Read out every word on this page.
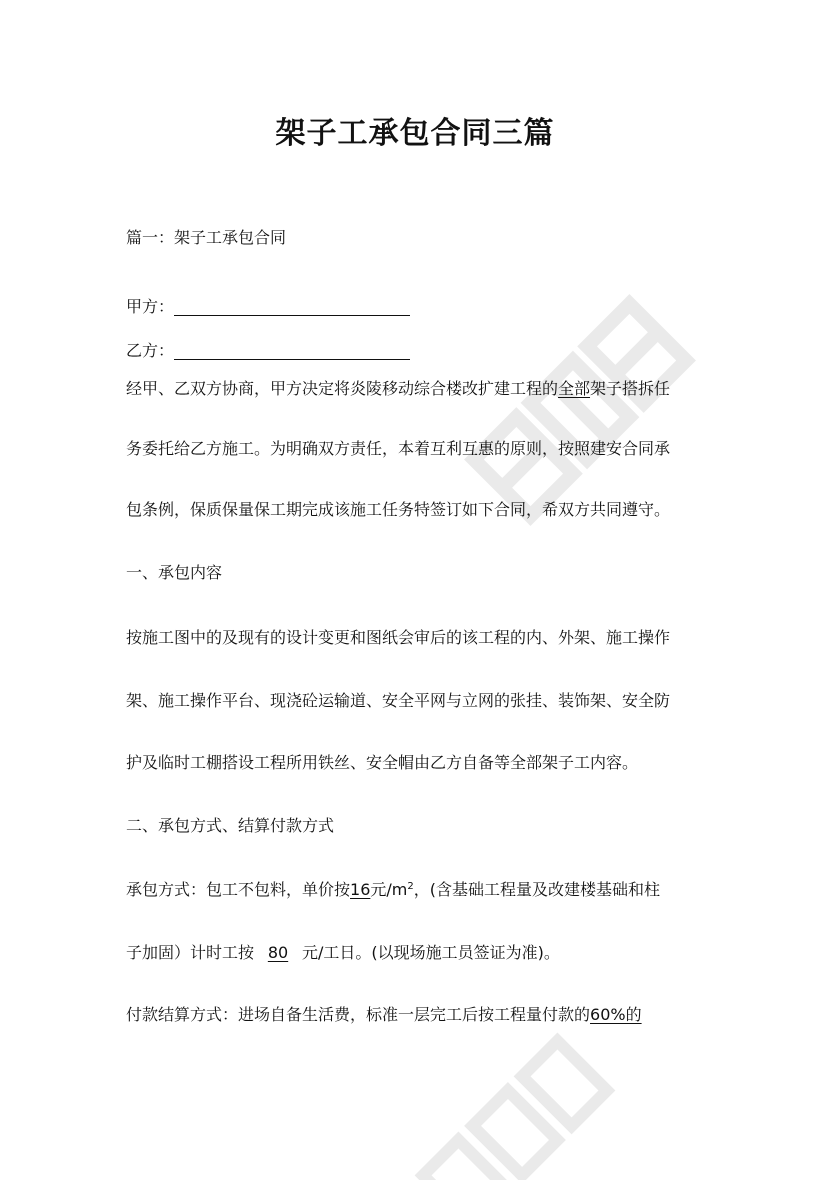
架子工承包合同三篇
篇一：架子工承包合同
甲方：
乙方：
经甲、乙双方协商，甲方决定将炎陵移动综合楼改扩建工程的全部架子搭拆任
务委托给乙方施工。为明确双方责任，本着互利互惠的原则，按照建安合同承
包条例，保质保量保工期完成该施工任务特签订如下合同，希双方共同遵守。
一、承包内容
按施工图中的及现有的设计变更和图纸会审后的该工程的内、外架、施工操作
架、施工操作平台、现浇砼运输道、安全平网与立网的张挂、装饰架、安全防
护及临时工棚搭设工程所用铁丝、安全帽由乙方自备等全部架子工内容。
二、承包方式、结算付款方式
承包方式：包工不包料，单价按16元$/m^2$，(含基础工程量及改建楼基础和柱
子加固）计时工按 80 元/工日。(以现场施工员签证为准)。
付款结算方式：进场自备生活费，标准一层完工后按工程量付款的60%的
